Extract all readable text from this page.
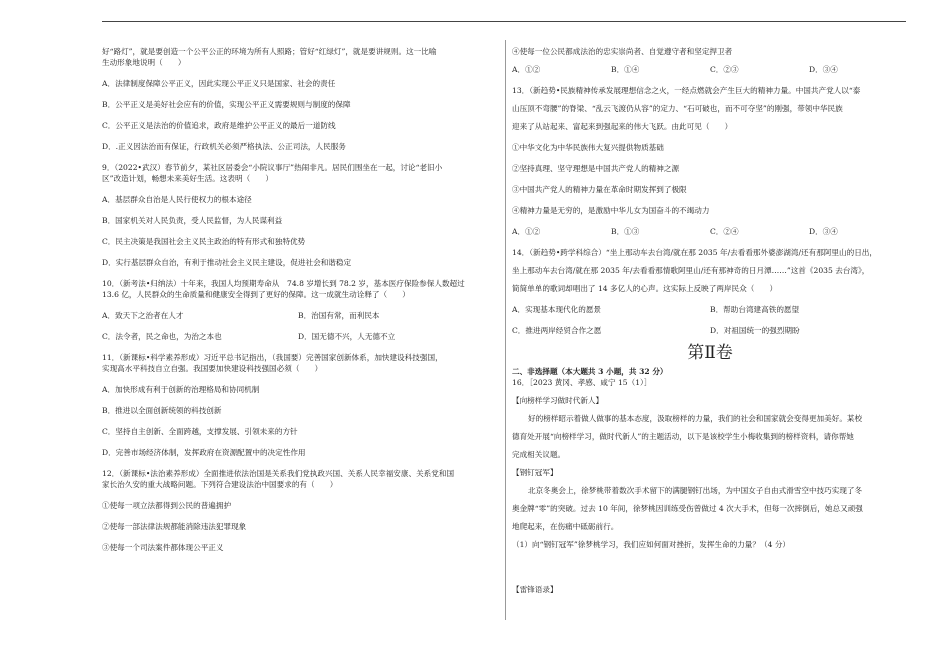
好“路灯”，就是要创造一个公平公正的环境为所有人照路；管好“红绿灯”，就是要讲规则。这一比喻

生动形象地说明（　　）

A．法律制度保障公平正义，因此实现公平正义只是国家、社会的责任

B．公平正义是美好社会应有的价值，实现公平正义需要规则与制度的保障

C．公平正义是法治的价值追求，政府是维护公平正义的最后一道防线

D．.正义因法治而有保证，行政机关必须严格执法、公正司法，人民服务

9．（2022•武汉）春节前夕，某社区居委会“小院议事厅”热闹非凡。居民们围坐在一起，讨论“老旧小

区”改造计划，畅想未来美好生活。这表明（　　）

A．基层群众自治是人民行使权力的根本途径

B．国家机关对人民负责，受人民监督，为人民谋利益

C．民主决策是我国社会主义民主政治的特有形式和独特优势

D．实行基层群众自治，有利于推动社会主义民主建设，促进社会和谐稳定

10．（新考法•归纳法）十年来，我国人均预期寿命从　74.8 岁增长到 78.2 岁，基本医疗保险参保人数超过

13.6 亿，人民群众的生命质量和健康安全得到了更好的保障。这一成就生动诠释了（　　）

A．致天下之治者在人才	B．治国有常，而利民本
C．法令者，民之命也，为治之本也	D．国无德不兴，人无德不立

11．（新课标•科学素养形成）习近平总书记指出，（我国要）完善国家创新体系，加快建设科技强国，

实现高水平科技自立自强。我国要加快建设科技强国必须（　　）

A．加快形成有利于创新的治理格局和协同机制

B．推进以全面创新统领的科技创新

C．坚持自主创新、全面跨越，支撑发展、引领未来的方针

D．完善市场经济体制，发挥政府在资源配置中的决定性作用

12．（新课标•法治素养形成）全面推进依法治国是关系我们党执政兴国、关系人民幸福安康、关系党和国

家长治久安的重大战略问题。下列符合建设法治中国要求的有（　　）

①使每一项立法都得到公民的普遍拥护

②使每一部法律法规都能消除违法犯罪现象

③使每一个司法案件都体现公平正义

④使每一位公民都成法治的忠实崇尚者、自觉遵守者和坚定捍卫者

A．①②	B．①④	C．②③	D．③④

13．（新趋势•民族精神传承发展理想信念之火，一经点燃就会产生巨大的精神力量。中国共产党人以“泰

山压顶不弯腰”的脊梁、“乱云飞渡仍从容”的定力、“石可破也，而不可夺坚”的刚强，带领中华民族

迎来了从站起来、富起来到强起来的伟大飞跃。由此可见（　　）

①中华文化为中华民族伟大复兴提供物质基础

②坚持真理、坚守理想是中国共产党人的精神之源

③中国共产党人的精神力量在革命时期发挥到了极限

④精神力量是无穷的，是激励中华儿女为国奋斗的不竭动力

A．①②	B．①③	C．②④	D．③④

14．（新趋势•跨学科综合）“坐上那动车去台湾/就在那 2035 年/去看看那外婆澎湖湾/还有那阿里山的日出，

坐上那动车去台湾/就在那 2035 年/去看看那情歌阿里山/还有那神奇的日月潭……”这首《2035 去台湾》，

简简单单的歌词却唱出了 14 多亿人的心声。这实际上反映了两岸民众（　　）

A．实现基本现代化的愿景	B．帮助台湾建高铁的愿望
C．推进两岸经贸合作之愿	D．对祖国统一的强烈期盼
第Ⅱ卷

二、非选择题（本大题共 3 小题，共 32 分）

16．［2023 黄冈、孝感、咸宁 15（1）］

【向榜样学习做时代新人】

好的榜样昭示着做人做事的基本态度，汲取榜样的力量，我们的社会和国家就会变得更加美好。某校

德育处开展“向榜样学习，做时代新人”的主题活动，以下是该校学生小梅收集到的榜样资料，请你帮她

完成相关议题。

【钢钉冠军】

北京冬奥会上，徐梦桃带着数次手术留下的满腿钢钉出场，为中国女子自由式滑雪空中技巧实现了冬

奥金牌“零”的突破。过去 10 年间，徐梦桃因训练受伤曾做过 4 次大手术，但每一次摔倒后，她总又顽强

地爬起来，在伤痛中砥砺前行。

（1）向“钢钉冠军”徐梦桃学习，我们应如何面对挫折，发挥生命的力量？（4 分）

【雷锋语录】
